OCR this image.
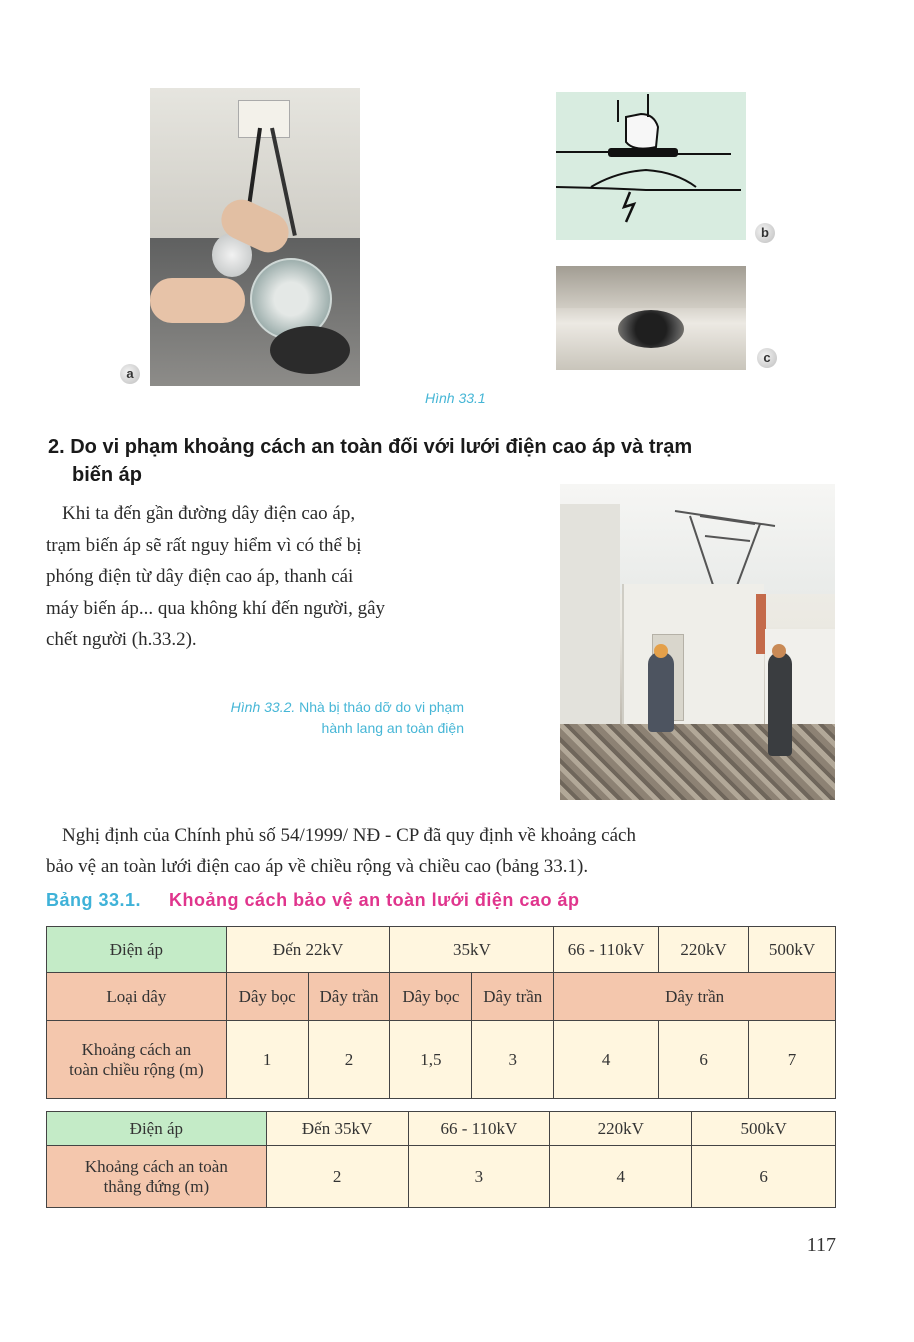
a
b
c
Hình 33.1
2. Do vi phạm khoảng cách an toàn đối với lưới điện cao áp và trạm
biến áp
Khi ta đến gần đường dây điện cao áp,
trạm biến áp sẽ rất nguy hiểm vì có thể bị
phóng điện từ dây điện cao áp, thanh cái
máy biến áp... qua không khí đến người, gây
chết người (h.33.2).
Hình 33.2. Nhà bị tháo dỡ do vi phạm
hành lang an toàn điện
Nghị định của Chính phủ số 54/1999/ NĐ - CP đã quy định về khoảng cách
bảo vệ an toàn lưới điện cao áp về chiều rộng và chiều cao (bảng 33.1).
Bảng 33.1. Khoảng cách bảo vệ an toàn lưới điện cao áp
Điện áp	Đến 22kV		35kV		66 - 110kV	220kV	500kV
Loại dây	Dây bọc	Dây trần	Dây bọc	Dây trần	Dây trần		

Khoảng cách an
toàn chiều rộng (m)	1	2	1,5	3	4	6	7
Điện áp	Đến 35kV	66 - 110kV	220kV	500kV

Khoảng cách an toàn
thẳng đứng (m)	2	3	4	6
117
